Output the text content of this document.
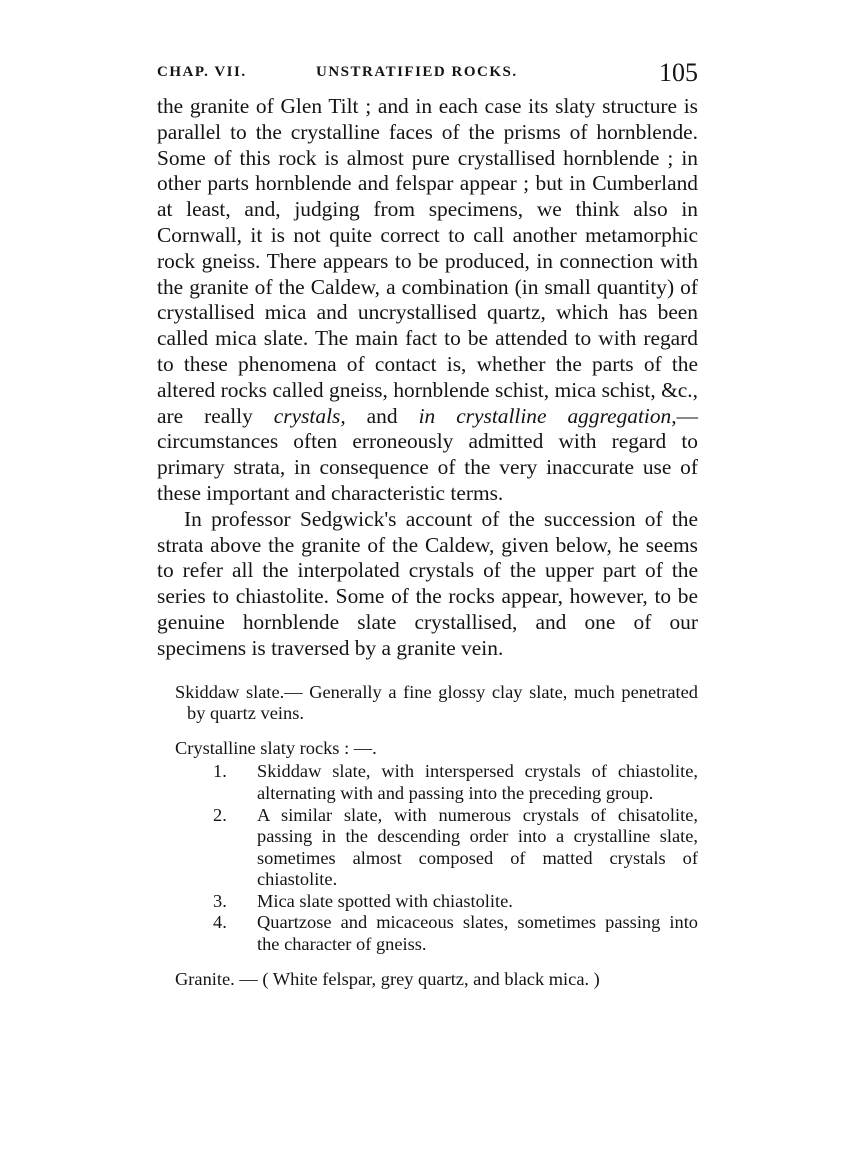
CHAP. VII.	UNSTRATIFIED ROCKS.	105

the granite of Glen Tilt ; and in each case its slaty structure is parallel to the crystalline faces of the prisms of hornblende. Some of this rock is almost pure crystallised hornblende ; in other parts hornblende and felspar appear ; but in Cumberland at least, and, judging from specimens, we think also in Cornwall, it is not quite correct to call another metamorphic rock gneiss. There appears to be produced, in connection with the granite of the Caldew, a combination (in small quantity) of crystallised mica and uncrystallised quartz, which has been called mica slate. The main fact to be attended to with regard to these phenomena of contact is, whether the parts of the altered rocks called gneiss, hornblende schist, mica schist, &c., are really crystals, and in crystalline aggregation,— circumstances often erroneously admitted with regard to primary strata, in consequence of the very inaccurate use of these important and characteristic terms.

In professor Sedgwick's account of the succession of the strata above the granite of the Caldew, given below, he seems to refer all the interpolated crystals of the upper part of the series to chiastolite. Some of the rocks appear, however, to be genuine hornblende slate crystallised, and one of our specimens is traversed by a granite vein.

Skiddaw slate.— Generally a fine glossy clay slate, much penetrated by quartz veins.

Crystalline slaty rocks : —.

1. Skiddaw slate, with interspersed crystals of chiastolite, alternating with and passing into the preceding group.
2. A similar slate, with numerous crystals of chisatolite, passing in the descending order into a crystalline slate, sometimes almost composed of matted crystals of chiastolite.
3. Mica slate spotted with chiastolite.
4. Quartzose and micaceous slates, sometimes passing into the character of gneiss.

Granite. — ( White felspar, grey quartz, and black mica. )
